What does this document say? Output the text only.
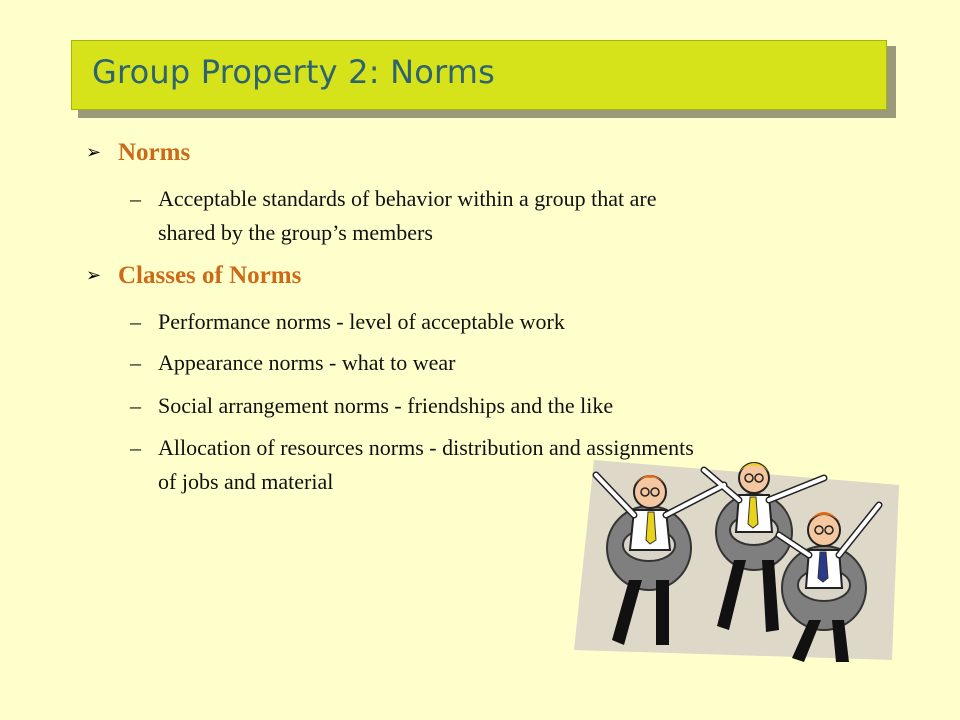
Group Property 2: Norms
➢ Norms
– Acceptable standards of behavior within a group that are
shared by the group’s members
➢ Classes of Norms
– Performance norms - level of acceptable work
– Appearance norms - what to wear
– Social arrangement norms - friendships and the like
– Allocation of resources norms - distribution and assignments
of jobs and material
